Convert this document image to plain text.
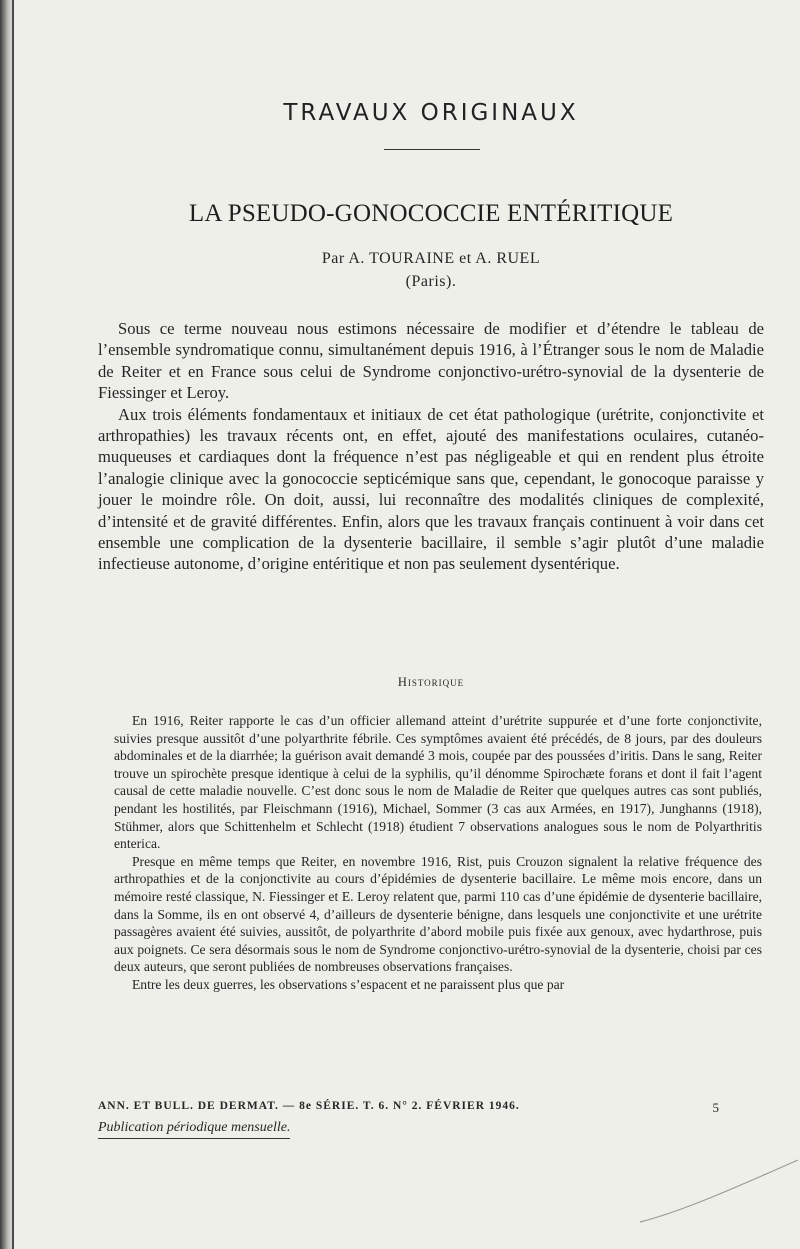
TRAVAUX ORIGINAUX
LA PSEUDO-GONOCOCCIE ENTÉRITIQUE
Par A. TOURAINE et A. RUEL
(Paris).

Sous ce terme nouveau nous estimons nécessaire de modifier et d’étendre le tableau de l’ensemble syndromatique connu, simultanément depuis 1916, à l’Étranger sous le nom de Maladie de Reiter et en France sous celui de Syndrome conjonctivo-urétro-synovial de la dysenterie de Fiessinger et Leroy.

Aux trois éléments fondamentaux et initiaux de cet état pathologique (urétrite, conjonctivite et arthropathies) les travaux récents ont, en effet, ajouté des manifestations oculaires, cutanéo-muqueuses et cardiaques dont la fréquence n’est pas négligeable et qui en rendent plus étroite l’analogie clinique avec la gonococcie septicémique sans que, cependant, le gonocoque paraisse y jouer le moindre rôle. On doit, aussi, lui reconnaître des modalités cliniques de complexité, d’intensité et de gravité différentes. Enfin, alors que les travaux français continuent à voir dans cet ensemble une complication de la dysenterie bacillaire, il semble s’agir plutôt d’une maladie infectieuse autonome, d’origine entéritique et non pas seulement dysentérique.

Historique

En 1916, Reiter rapporte le cas d’un officier allemand atteint d’urétrite suppurée et d’une forte conjonctivite, suivies presque aussitôt d’une polyarthrite fébrile. Ces symptômes avaient été précédés, de 8 jours, par des douleurs abdominales et de la diarrhée; la guérison avait demandé 3 mois, coupée par des poussées d’iritis. Dans le sang, Reiter trouve un spirochète presque identique à celui de la syphilis, qu’il dénomme Spirochæte forans et dont il fait l’agent causal de cette maladie nouvelle. C’est donc sous le nom de Maladie de Reiter que quelques autres cas sont publiés, pendant les hostilités, par Fleischmann (1916), Michael, Sommer (3 cas aux Armées, en 1917), Junghanns (1918), Stühmer, alors que Schittenhelm et Schlecht (1918) étudient 7 observations analogues sous le nom de Polyarthritis enterica.

Presque en même temps que Reiter, en novembre 1916, Rist, puis Crouzon signalent la relative fréquence des arthropathies et de la conjonctivite au cours d’épidémies de dysenterie bacillaire. Le même mois encore, dans un mémoire resté classique, N. Fiessinger et E. Leroy relatent que, parmi 110 cas d’une épidémie de dysenterie bacillaire, dans la Somme, ils en ont observé 4, d’ailleurs de dysenterie bénigne, dans lesquels une conjonctivite et une urétrite passagères avaient été suivies, aussitôt, de polyarthrite d’abord mobile puis fixée aux genoux, avec hydarthrose, puis aux poignets. Ce sera désormais sous le nom de Syndrome conjonctivo-urétro-synovial de la dysenterie, choisi par ces deux auteurs, que seront publiées de nombreuses observations françaises.

Entre les deux guerres, les observations s’espacent et ne paraissent plus que par

ANN. ET BULL. DE DERMAT. — 8e SÉRIE. T. 6. N° 2. FÉVRIER 1946.	5
Publication périodique mensuelle.
